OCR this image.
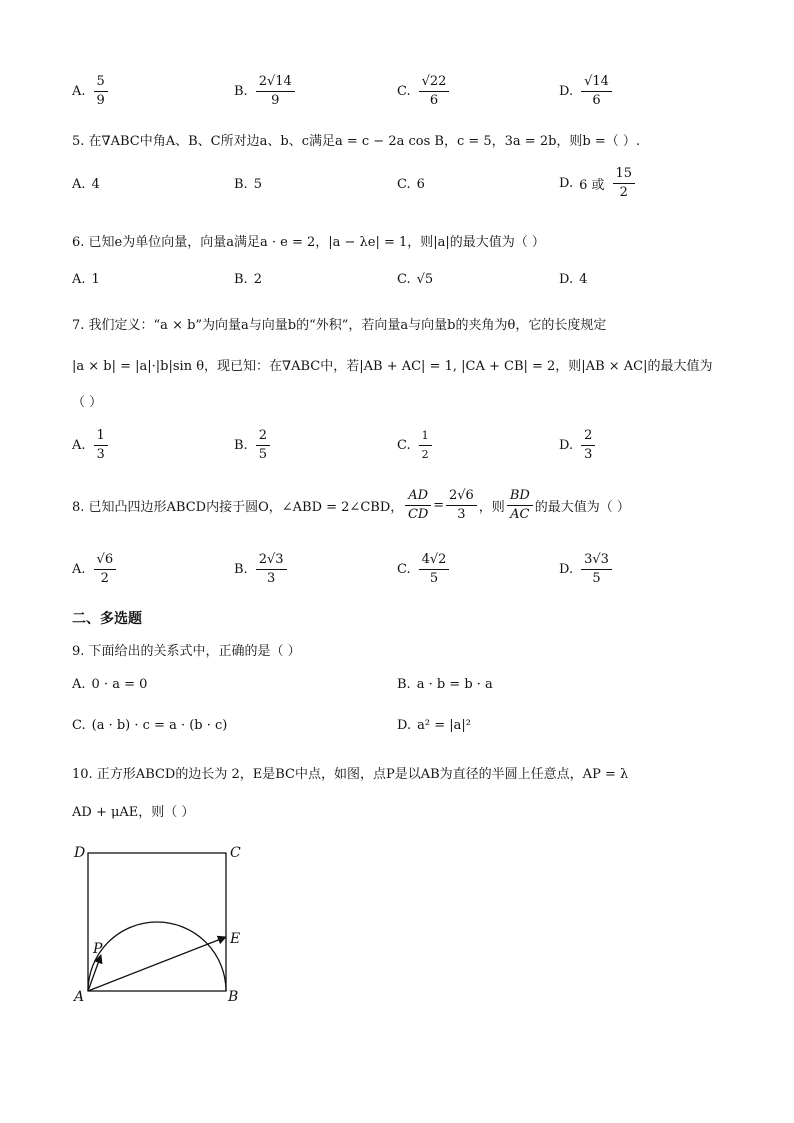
A. $\frac{5}{9}$	B. $\frac{2√14}{9}$	C. $\frac{√22}{6}$	D. $\frac{√14}{6}$
5. 在∇ABC中角A、B、C所对边a、b、c满足a = c − 2a cos B，c = 5，3a = 2b，则b =（ ）.
A. 4	B. 5	C. 6	D. 6 或 $\frac{15}{2}$
6. 已知e为单位向量，向量a满足a · e = 2，|a − λe| = 1，则|a|的最大值为（ ）
A. 1	B. 2	C. √5	D. 4
7. 我们定义：“a × b”为向量a与向量b的“外积”，若向量a与向量b的夹角为θ，它的长度规定
|a × b| = |a|·|b|sin θ，现已知：在∇ABC中，若|AB + AC| = 1, |CA + CB| = 2，则|AB × AC|的最大值为
（ ）
A. $\frac{1}{3}$	B. $\frac{2}{5}$	C. $\frac{1}{2}$	D. $\frac{2}{3}$
8. 已知凸四边形ABCD内接于圆O，∠ABD = 2∠CBD， $\frac{AD}{CD} = \frac{2√6}{3}$ ，则 $\frac{BD}{AC}$ 的最大值为（ ）
A. $\frac{√6}{2}$	B. $\frac{2√3}{3}$	C. $\frac{4√2}{5}$	D. $\frac{3√3}{5}$
二、多选题
9. 下面给出的关系式中，正确的是（ ）
A. 0 · a = 0	B. a · b = b · a
C. (a · b) · c = a · (b · c)	D. a² = |a|²
10. 正方形ABCD的边长为 2，E是BC中点，如图，点P是以AB为直径的半圆上任意点，AP = λ
AD + μAE，则（ ）
D	C
E
P
A	B
